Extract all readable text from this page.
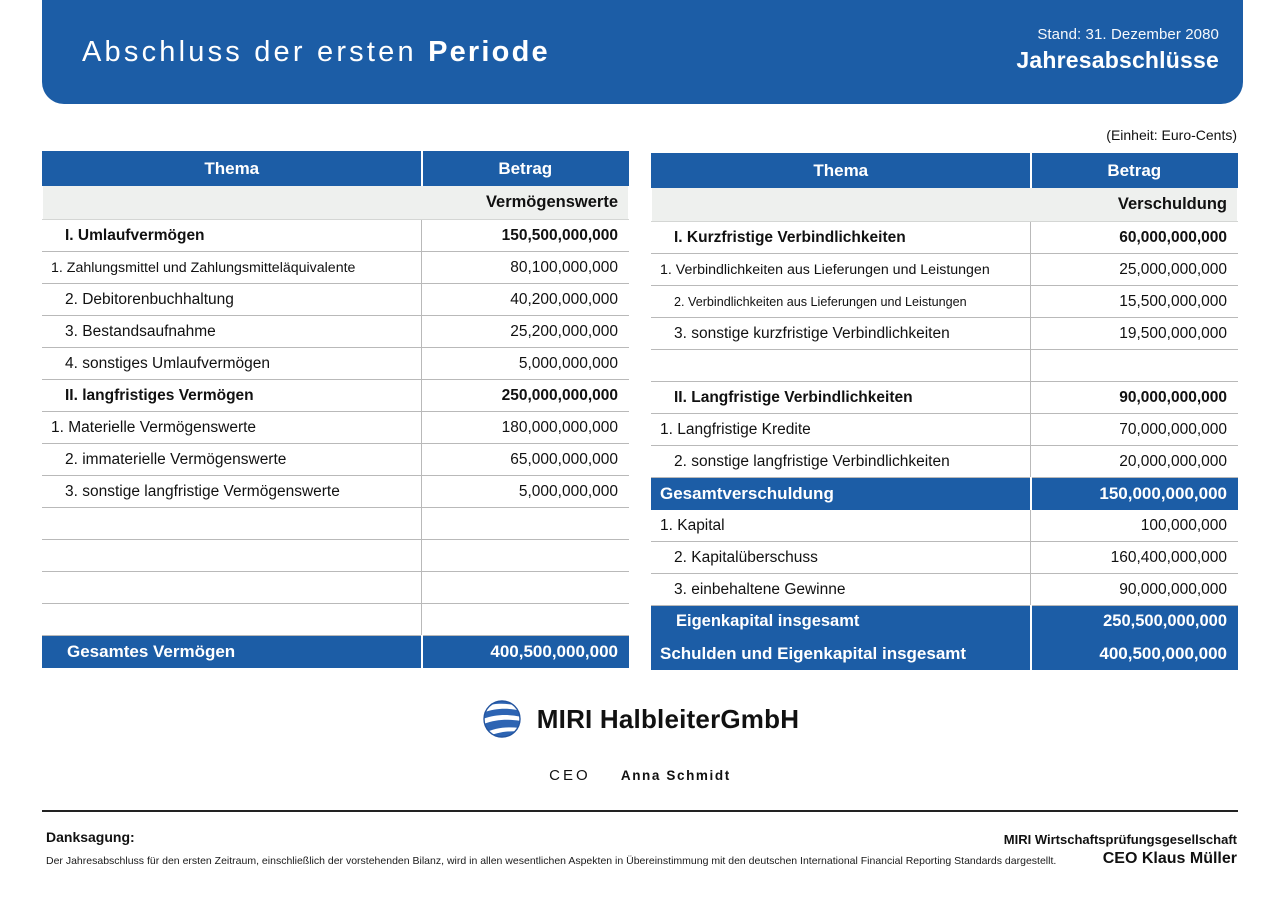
Abschluss der ersten Periode
Stand: 31. Dezember 2080
Jahresabschlüsse
(Einheit: Euro-Cents)
Thema	Betrag
Vermögenswerte	
I. Umlaufvermögen	150,500,000,000
1. Zahlungsmittel und Zahlungsmitteläquivalente	80,100,000,000
2. Debitorenbuchhaltung	40,200,000,000
3. Bestandsaufnahme	25,200,000,000
4. sonstiges Umlaufvermögen	5,000,000,000
II. langfristiges Vermögen	250,000,000,000
1. Materielle Vermögenswerte	180,000,000,000
2. immaterielle Vermögenswerte	65,000,000,000
3. sonstige langfristige Vermögenswerte	5,000,000,000

Gesamtes Vermögen	400,500,000,000
Thema	Betrag
Verschuldung	
I. Kurzfristige Verbindlichkeiten	60,000,000,000
1. Verbindlichkeiten aus Lieferungen und Leistungen	25,000,000,000
2. Verbindlichkeiten aus Lieferungen und Leistungen	15,500,000,000
3. sonstige kurzfristige Verbindlichkeiten	19,500,000,000

II. Langfristige Verbindlichkeiten	90,000,000,000
1. Langfristige Kredite	70,000,000,000
2. sonstige langfristige Verbindlichkeiten	20,000,000,000
Gesamtverschuldung	150,000,000,000
1. Kapital	100,000,000
2. Kapitalüberschuss	160,400,000,000
3. einbehaltene Gewinne	90,000,000,000
Eigenkapital insgesamt	250,500,000,000
Schulden und Eigenkapital insgesamt	400,500,000,000
MIRI HalbleiterGmbH
CEO Anna Schmidt
Danksagung:
Der Jahresabschluss für den ersten Zeitraum, einschließlich der vorstehenden Bilanz, wird in allen wesentlichen Aspekten in Übereinstimmung mit den deutschen International Financial Reporting Standards dargestellt.
MIRI Wirtschaftsprüfungsgesellschaft
CEO Klaus Müller
